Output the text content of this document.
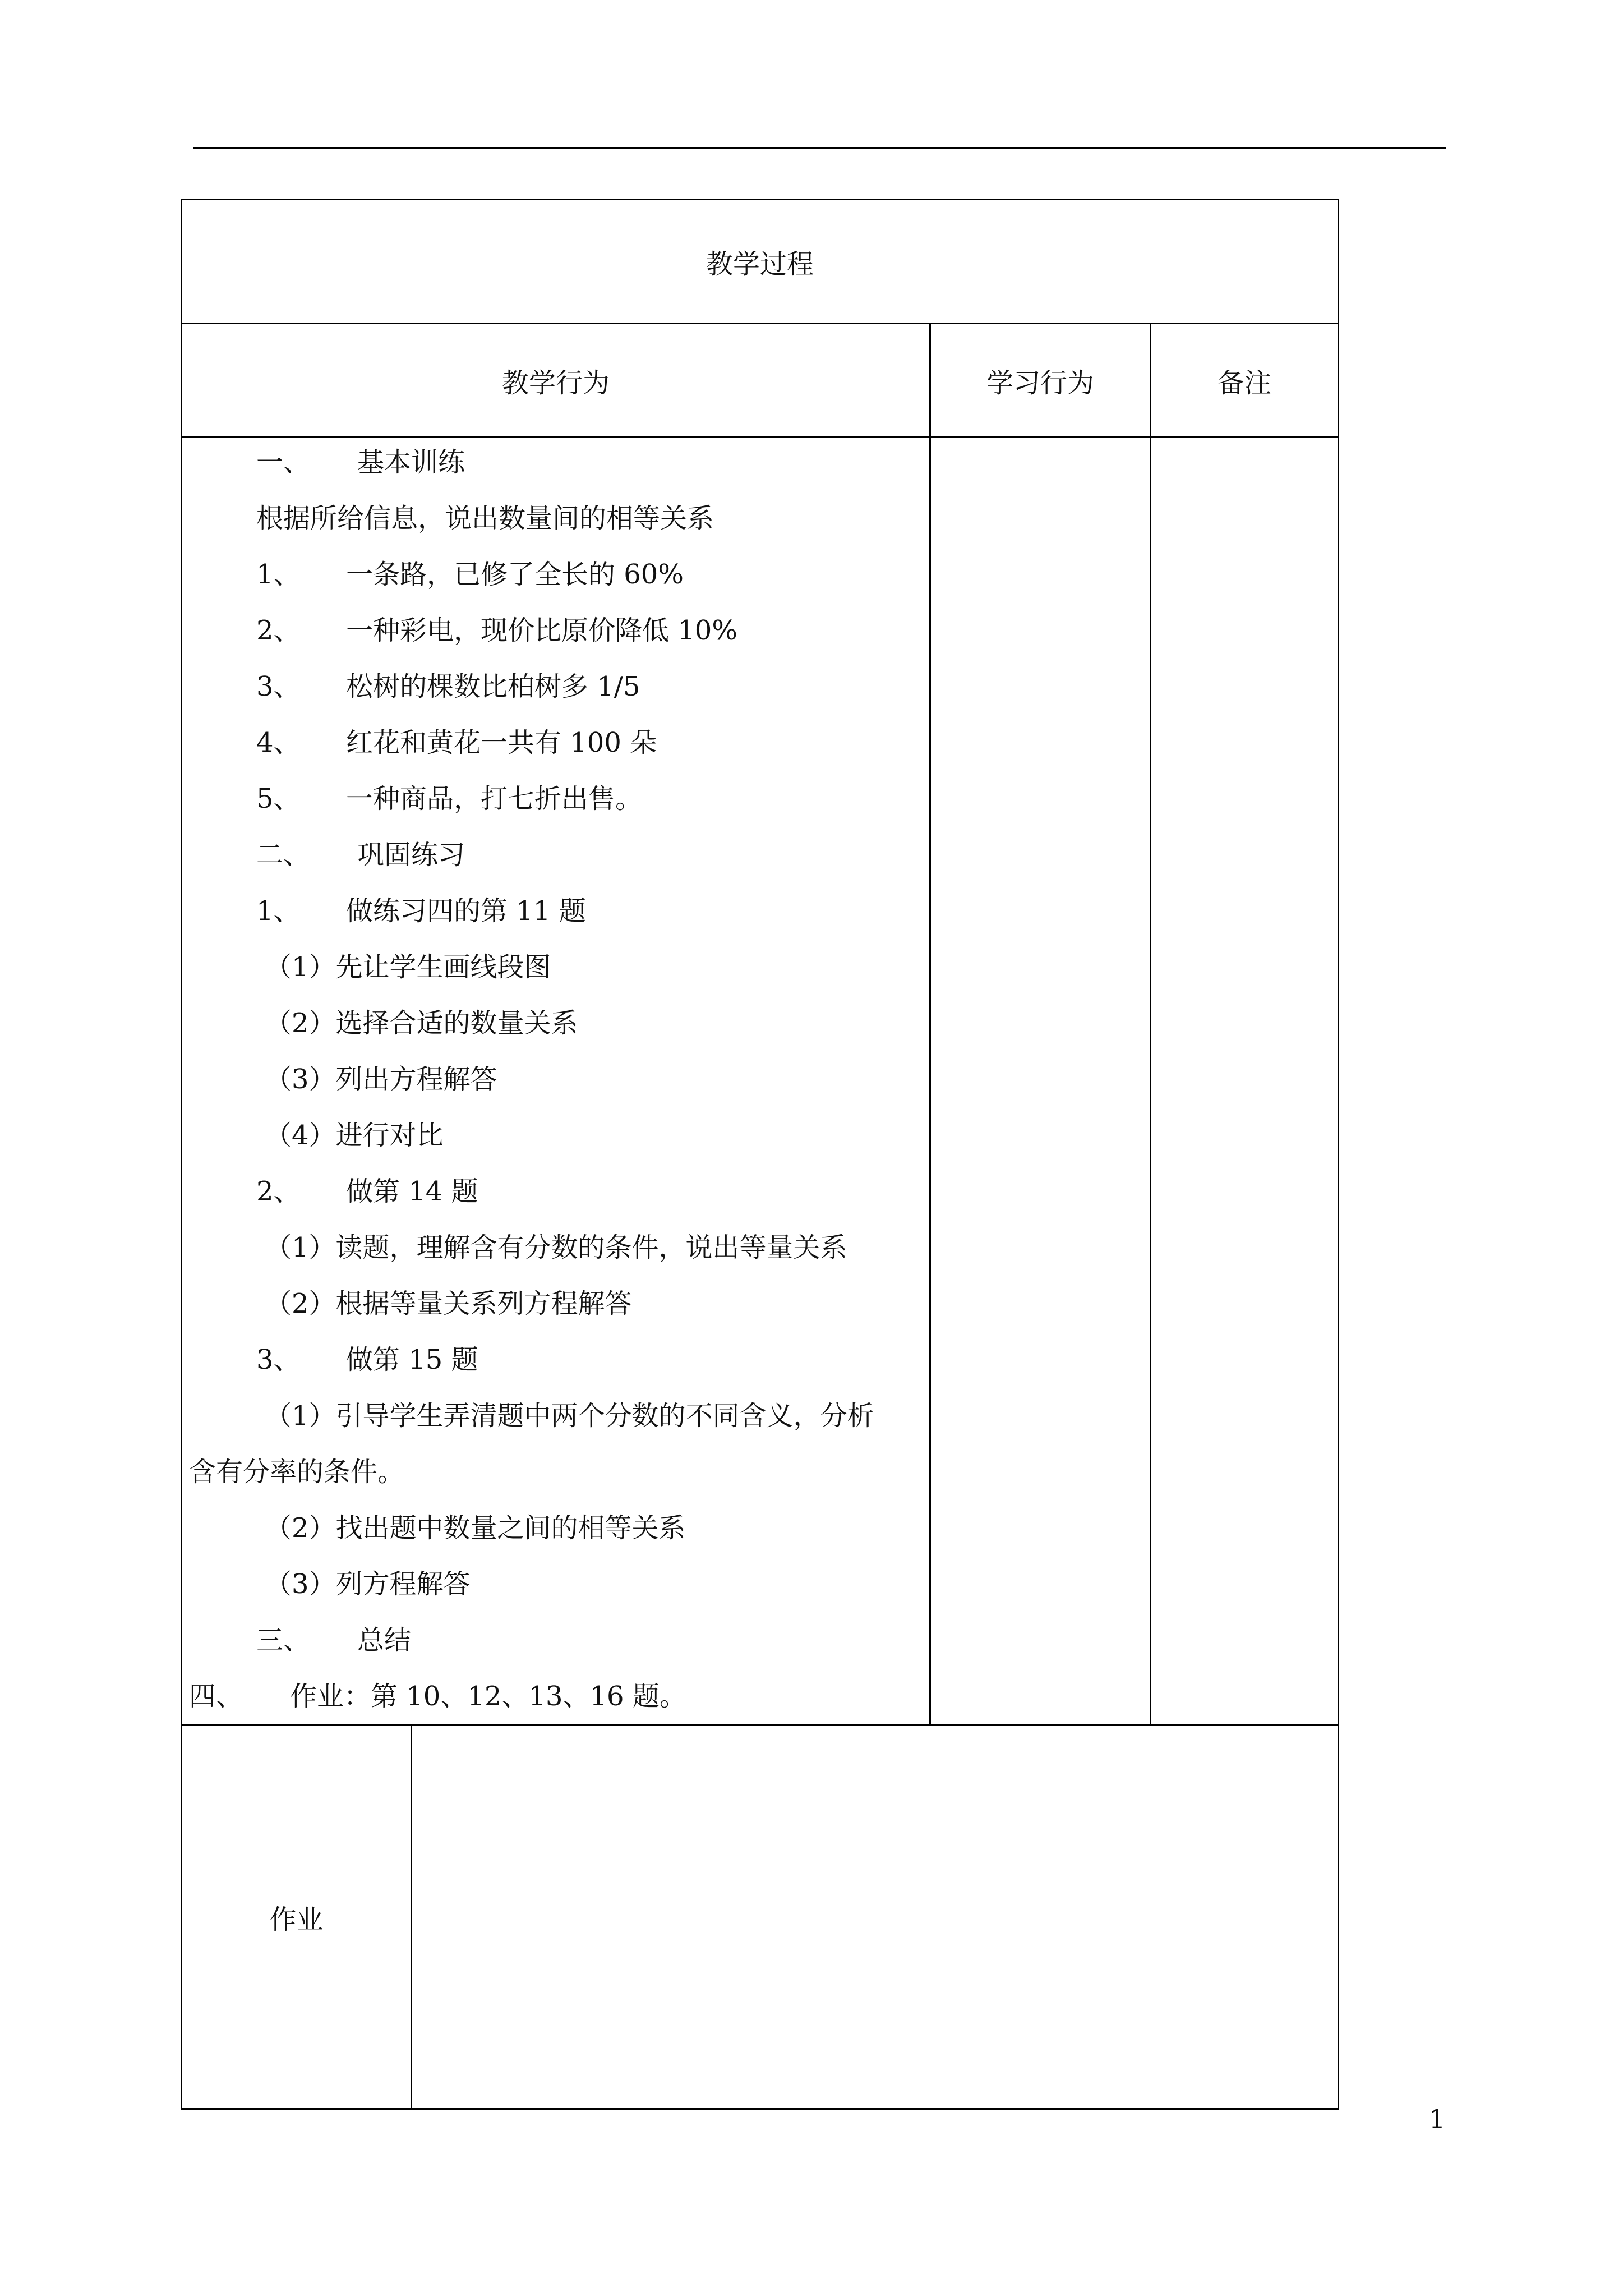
教学过程
教学行为	学习行为	备注
一、 基本训练
根据所给信息，说出数量间的相等关系
1、 一条路，已修了全长的 60%
2、 一种彩电，现价比原价降低 10%
3、 松树的棵数比柏树多 1/5
4、 红花和黄花一共有 100 朵
5、 一种商品，打七折出售。
二、 巩固练习
1、 做练习四的第 11 题
（1）先让学生画线段图
（2）选择合适的数量关系
（3）列出方程解答
（4）进行对比
2、 做第 14 题
（1）读题，理解含有分数的条件，说出等量关系
（2）根据等量关系列方程解答
3、 做第 15 题
（1）引导学生弄清题中两个分数的不同含义，分析
含有分率的条件。
（2）找出题中数量之间的相等关系
（3）列方程解答
三、 总结
四、 作业：第 10、12、13、16 题。
作业
1
